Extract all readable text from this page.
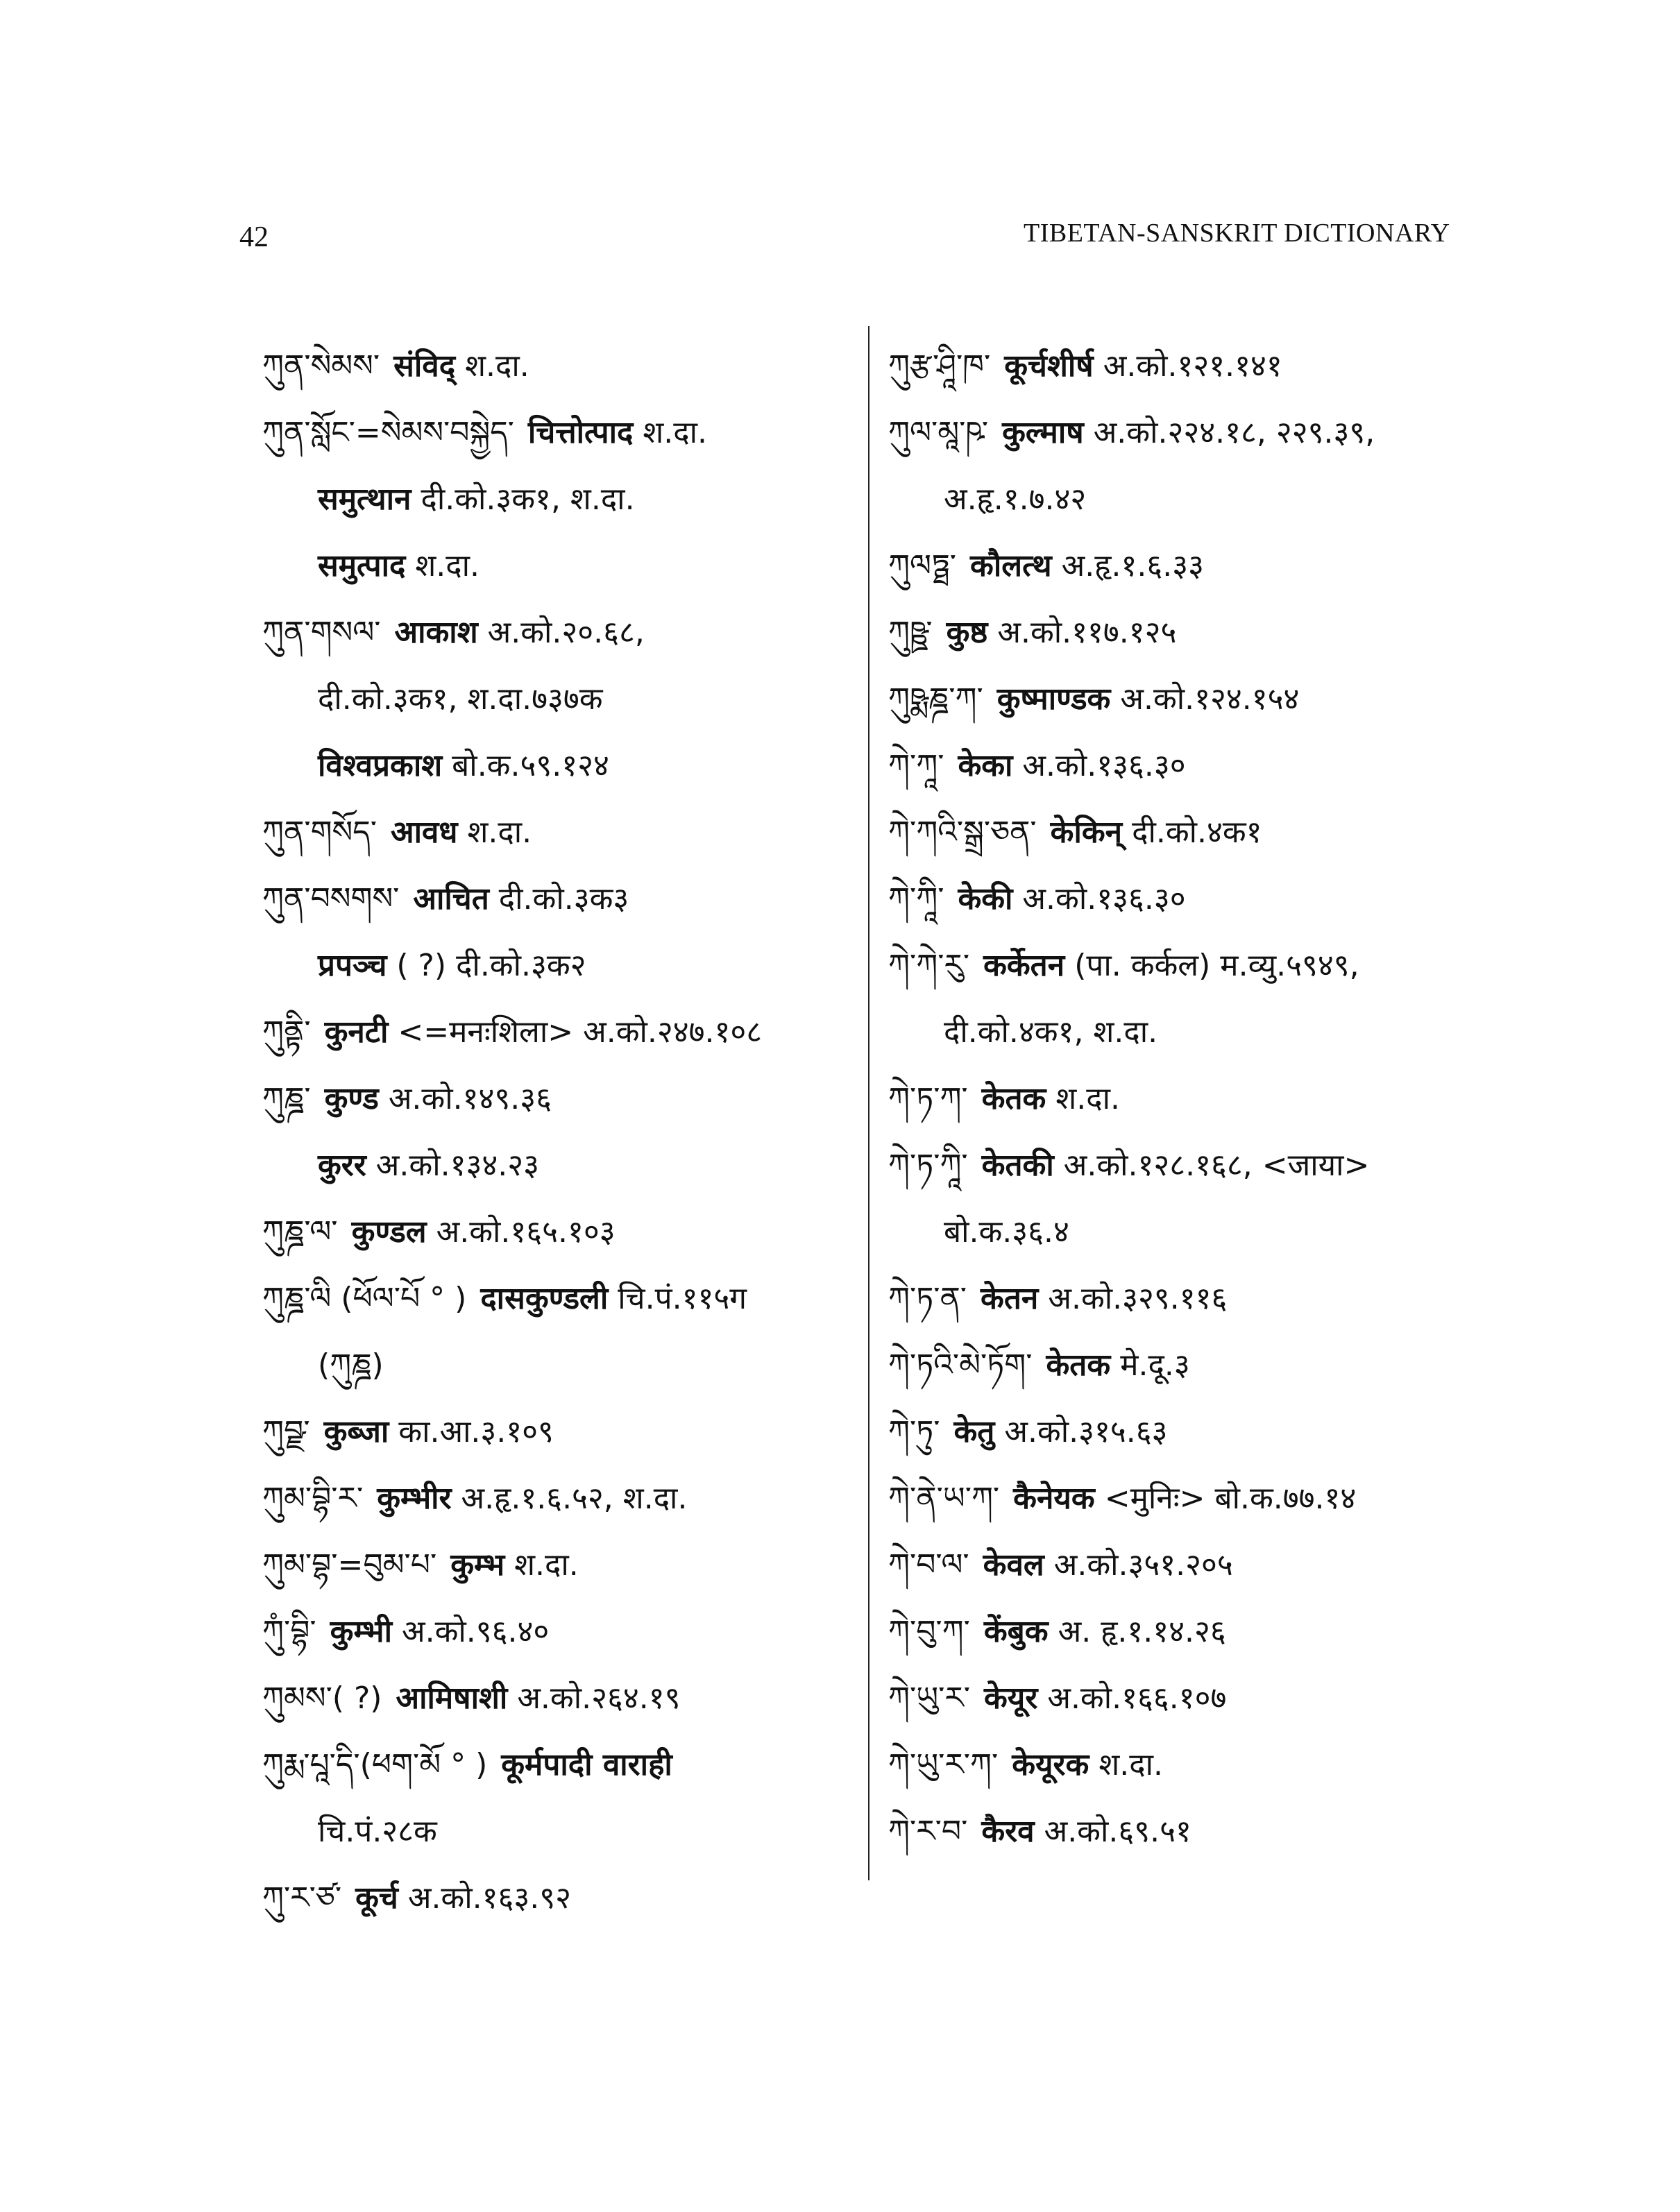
42	TIBETAN-SANSKRIT DICTIONARY
ཀུན་སེམས་ संविद् श.दा.
ཀུན་སློང་=སེམས་བསྐྱེད་ चित्तोत्पाद श.दा.
समुत्थान दी.को.३क१, श.दा.
समुत्पाद श.दा.
ཀུན་གསལ་ आकाश अ.को.२०.६८,
दी.को.३क१, श.दा.७३७क
विश्वप्रकाश बो.क.५९.१२४
ཀུན་གསོད་ आवध श.दा.
ཀུན་བསགས་ आचित दी.को.३क३
प्रपञ्च ( ?) दी.को.३क२
ཀུནྟི་ कुनटी <=मनःशिला> अ.को.२४७.१०८
ཀུཎྜ་ कुण्ड अ.को.१४९.३६
कुरर अ.को.१३४.२३
ཀུཎྜ་ལ་ कुण्डल अ.को.१६५.१०३
ཀུཎྜ་ལི (ཕོལ་པོ ° ) दासकुण्डली चि.पं.११५ग
(ཀུཎྜ)
ཀུབྫ་ कुब्जा का.आ.३.१०९
ཀུམ་བྷི་ར་ कुम्भीर अ.हृ.१.६.५२, श.दा.
ཀུམ་བྷ་=བུམ་པ་ कुम्भ श.दा.
ཀུཾ་བྷི་ कुम्भी अ.को.९६.४०
ཀུམས་( ?) आमिषाशी अ.को.२६४.१९
ཀུརྨ་པཱ་དི་(ཕག་མོ ° ) कूर्मपादी वाराही
चि.पं.२८क
ཀུ་ར་ཙ་ कूर्च अ.को.१६३.९२
ཀུརྩ་ཤཱི་ཁ་ कूर्चशीर्ष अ.को.१२१.१४१
ཀུལ་མཱ་ཥ་ कुल्माष अ.को.२२४.१८, २२९.३९,
अ.हृ.१.७.४२
ཀུལཏྠ་ कौलत्थ अ.हृ.१.६.३३
ཀུཥྛ་ कुष्ठ अ.को.११७.१२५
ཀུཥྨཎྜ་ཀ་ कुष्माण्डक अ.को.१२४.१५४
ཀེ་ཀཱ་ केका अ.को.१३६.३०
ཀེ་ཀའི་སྒྲ་ཅན་ केकिन् दी.को.४क१
ཀེ་ཀཱི་ केकी अ.को.१३६.३०
ཀེ་ཀེ་རུ་ कर्केतन (पा. कर्कल) म.व्यु.५९४९,
दी.को.४क१, श.दा.
ཀེ་ཏ་ཀ་ केतक श.दा.
ཀེ་ཏ་ཀཱི་ केतकी अ.को.१२८.१६८, <जाया>
बो.क.३६.४
ཀེ་ཏ་ན་ केतन अ.को.३२९.११६
ཀེ་ཏའི་མེ་ཏོག་ केतक मे.दू.३
ཀེ་ཏུ་ केतु अ.को.३१५.६३
ཀེ་ནེ་ཡ་ཀ་ कैनेयक <मुनिः> बो.क.७७.१४
ཀེ་བ་ལ་ केवल अ.को.३५१.२०५
ཀེ་བུ་ཀ་ केंबुक अ. हृ.१.१४.२६
ཀེ་ཡུ་ར་ केयूर अ.को.१६६.१०७
ཀེ་ཡུ་ར་ཀ་ केयूरक श.दा.
ཀེ་ར་བ་ कैरव अ.को.६९.५१
